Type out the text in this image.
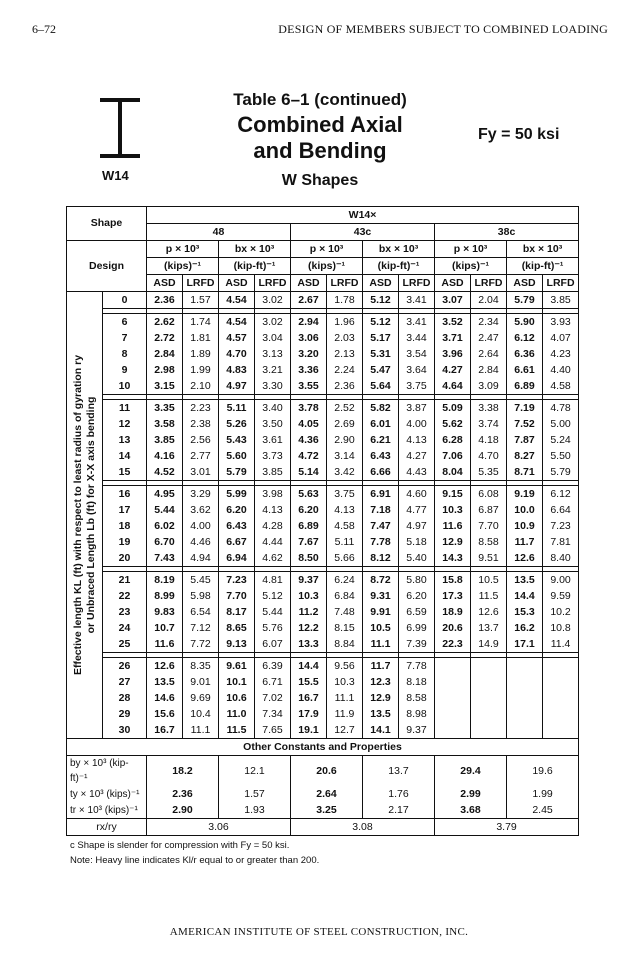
6–72	DESIGN OF MEMBERS SUBJECT TO COMBINED LOADING
W14
Table 6–1 (continued)
Combined Axial
and Bending
W Shapes
Fy = 50 ksi
Shape		W14×											
		48				43c				38c			
Design		p × 10³		bx × 10³		p × 10³		bx × 10³		p × 10³		bx × 10³	
		(kips)⁻¹		(kip-ft)⁻¹		(kips)⁻¹		(kip-ft)⁻¹		(kips)⁻¹		(kip-ft)⁻¹	
		ASD	LRFD	ASD	LRFD	ASD	LRFD	ASD	LRFD	ASD	LRFD	ASD	LRFD

Effective length KL (ft) with respect to least radius of gyration ry or Unbraced Length Lb (ft) for X-X axis bending	0	2.36	1.57	4.54	3.02	2.67	1.78	5.12	3.41	3.07	2.04	5.79	3.85

	6	2.62	1.74	4.54	3.02	2.94	1.96	5.12	3.41	3.52	2.34	5.90	3.93
	7	2.72	1.81	4.57	3.04	3.06	2.03	5.17	3.44	3.71	2.47	6.12	4.07
	8	2.84	1.89	4.70	3.13	3.20	2.13	5.31	3.54	3.96	2.64	6.36	4.23
	9	2.98	1.99	4.83	3.21	3.36	2.24	5.47	3.64	4.27	2.84	6.61	4.40
	10	3.15	2.10	4.97	3.30	3.55	2.36	5.64	3.75	4.64	3.09	6.89	4.58

	11	3.35	2.23	5.11	3.40	3.78	2.52	5.82	3.87	5.09	3.38	7.19	4.78
	12	3.58	2.38	5.26	3.50	4.05	2.69	6.01	4.00	5.62	3.74	7.52	5.00
	13	3.85	2.56	5.43	3.61	4.36	2.90	6.21	4.13	6.28	4.18	7.87	5.24
	14	4.16	2.77	5.60	3.73	4.72	3.14	6.43	4.27	7.06	4.70	8.27	5.50
	15	4.52	3.01	5.79	3.85	5.14	3.42	6.66	4.43	8.04	5.35	8.71	5.79

	16	4.95	3.29	5.99	3.98	5.63	3.75	6.91	4.60	9.15	6.08	9.19	6.12
	17	5.44	3.62	6.20	4.13	6.20	4.13	7.18	4.77	10.3	6.87	10.0	6.64
	18	6.02	4.00	6.43	4.28	6.89	4.58	7.47	4.97	11.6	7.70	10.9	7.23
	19	6.70	4.46	6.67	4.44	7.67	5.11	7.78	5.18	12.9	8.58	11.7	7.81
	20	7.43	4.94	6.94	4.62	8.50	5.66	8.12	5.40	14.3	9.51	12.6	8.40

	21	8.19	5.45	7.23	4.81	9.37	6.24	8.72	5.80	15.8	10.5	13.5	9.00
	22	8.99	5.98	7.70	5.12	10.3	6.84	9.31	6.20	17.3	11.5	14.4	9.59
	23	9.83	6.54	8.17	5.44	11.2	7.48	9.91	6.59	18.9	12.6	15.3	10.2
	24	10.7	7.12	8.65	5.76	12.2	8.15	10.5	6.99	20.6	13.7	16.2	10.8
	25	11.6	7.72	9.13	6.07	13.3	8.84	11.1	7.39	22.3	14.9	17.1	11.4

	26	12.6	8.35	9.61	6.39	14.4	9.56	11.7	7.78				
	27	13.5	9.01	10.1	6.71	15.5	10.3	12.3	8.18				
	28	14.6	9.69	10.6	7.02	16.7	11.1	12.9	8.58				
	29	15.6	10.4	11.0	7.34	17.9	11.9	13.5	8.98				
	30	16.7	11.1	11.5	7.65	19.1	12.7	14.1	9.37				
Other Constants and Properties													
by × 10³ (kip-ft)⁻¹		18.2		12.1		20.6		13.7		29.4		19.6	
ty × 10³ (kips)⁻¹		2.36		1.57		2.64		1.76		2.99		1.99	
tr × 10³ (kips)⁻¹		2.90		1.93		3.25		2.17		3.68		2.45	
rx/ry		3.06				3.08				3.79			
c Shape is slender for compression with Fy = 50 ksi.
Note: Heavy line indicates Kl/r equal to or greater than 200.
AMERICAN INSTITUTE OF STEEL CONSTRUCTION, INC.
